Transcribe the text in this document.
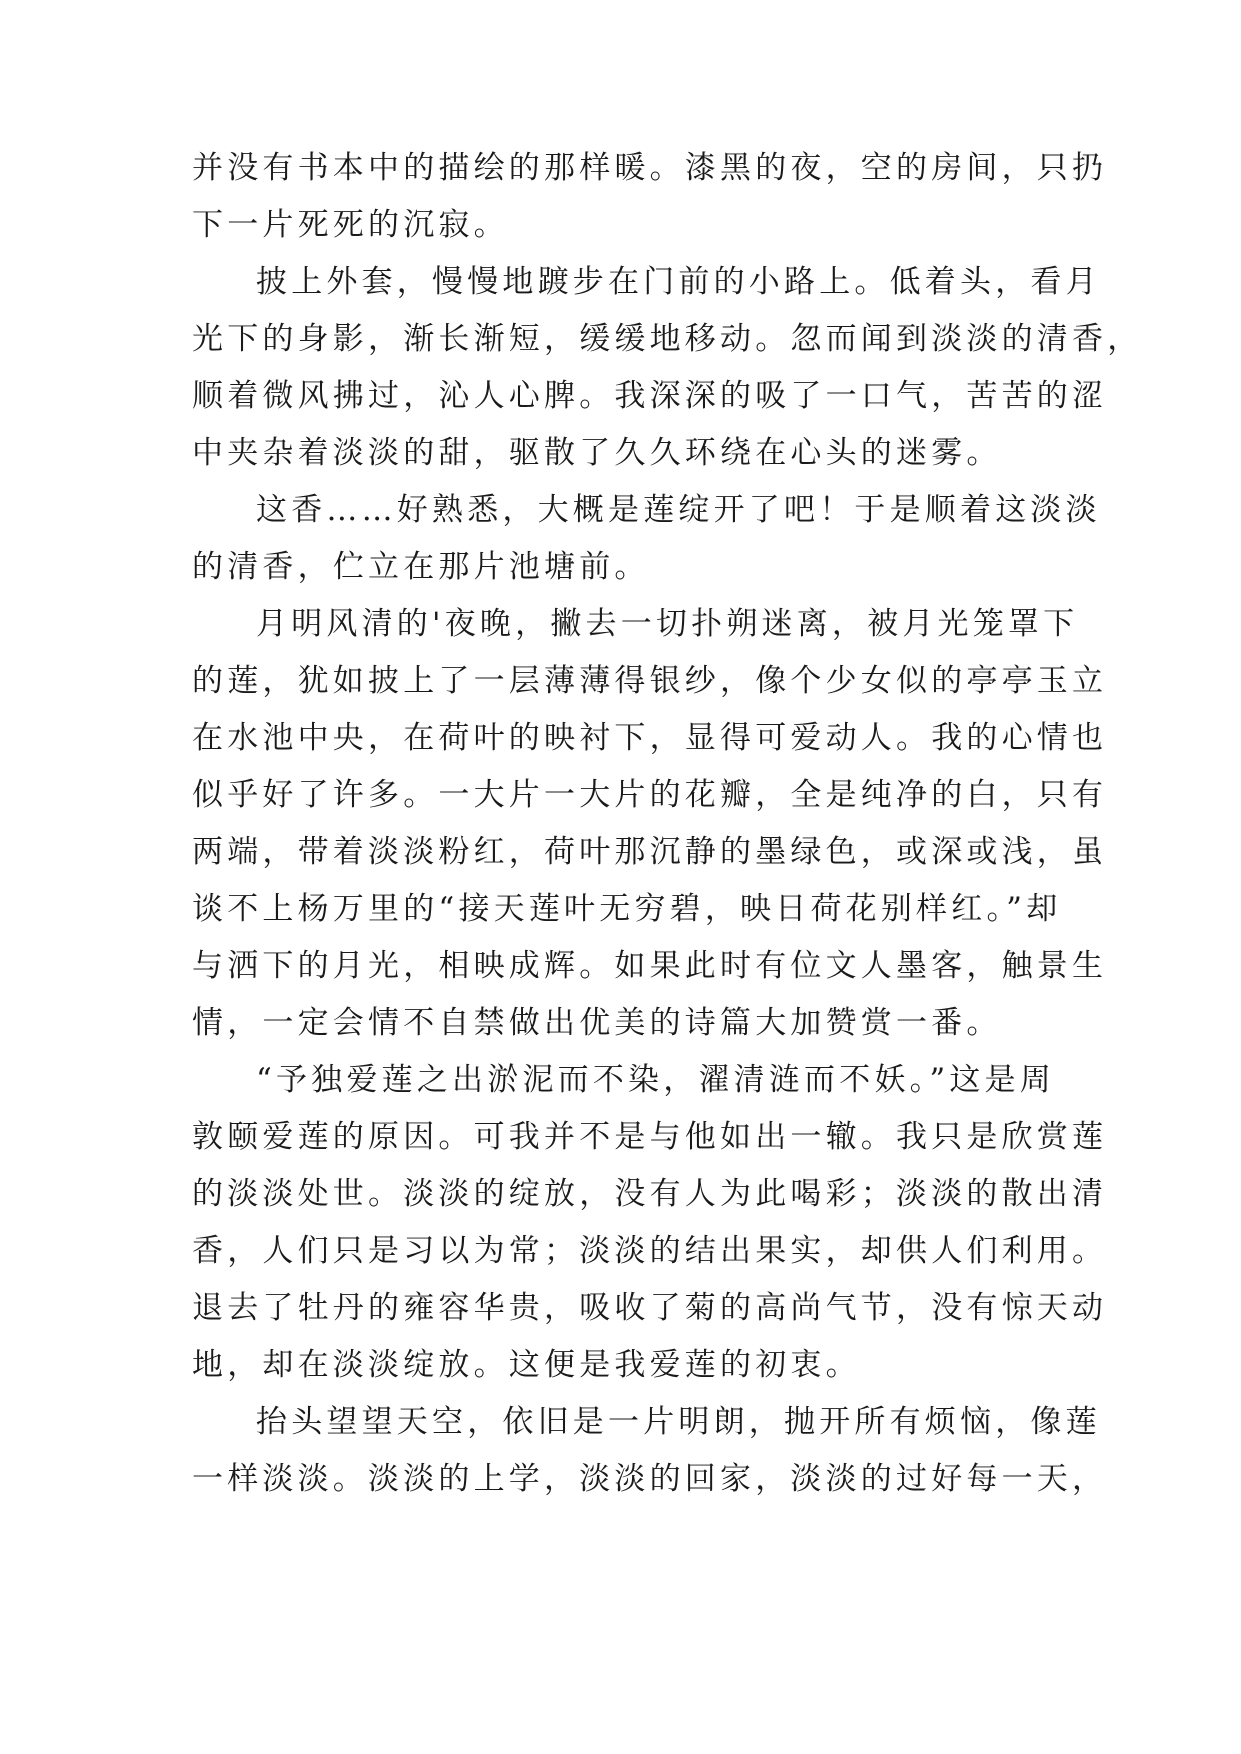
并没有书本中的描绘的那样暖。漆黑的夜，空的房间，只扔

下一片死死的沉寂。

披上外套，慢慢地踱步在门前的小路上。低着头，看月

光下的身影，渐长渐短，缓缓地移动。忽而闻到淡淡的清香，

顺着微风拂过，沁人心脾。我深深的吸了一口气，苦苦的涩

中夹杂着淡淡的甜，驱散了久久环绕在心头的迷雾。

这香……好熟悉，大概是莲绽开了吧！于是顺着这淡淡

的清香，伫立在那片池塘前。

月明风清的'夜晚，撇去一切扑朔迷离，被月光笼罩下

的莲，犹如披上了一层薄薄得银纱，像个少女似的亭亭玉立

在水池中央，在荷叶的映衬下，显得可爱动人。我的心情也

似乎好了许多。一大片一大片的花瓣，全是纯净的白，只有

两端，带着淡淡粉红，荷叶那沉静的墨绿色，或深或浅，虽

谈不上杨万里的“接天莲叶无穷碧，映日荷花别样红。”却

与洒下的月光，相映成辉。如果此时有位文人墨客，触景生

情，一定会情不自禁做出优美的诗篇大加赞赏一番。

“予独爱莲之出淤泥而不染，濯清涟而不妖。”这是周

敦颐爱莲的原因。可我并不是与他如出一辙。我只是欣赏莲

的淡淡处世。淡淡的绽放，没有人为此喝彩；淡淡的散出清

香，人们只是习以为常；淡淡的结出果实，却供人们利用。

退去了牡丹的雍容华贵，吸收了菊的高尚气节，没有惊天动

地，却在淡淡绽放。这便是我爱莲的初衷。

抬头望望天空，依旧是一片明朗，抛开所有烦恼，像莲

一样淡淡。淡淡的上学，淡淡的回家，淡淡的过好每一天，
